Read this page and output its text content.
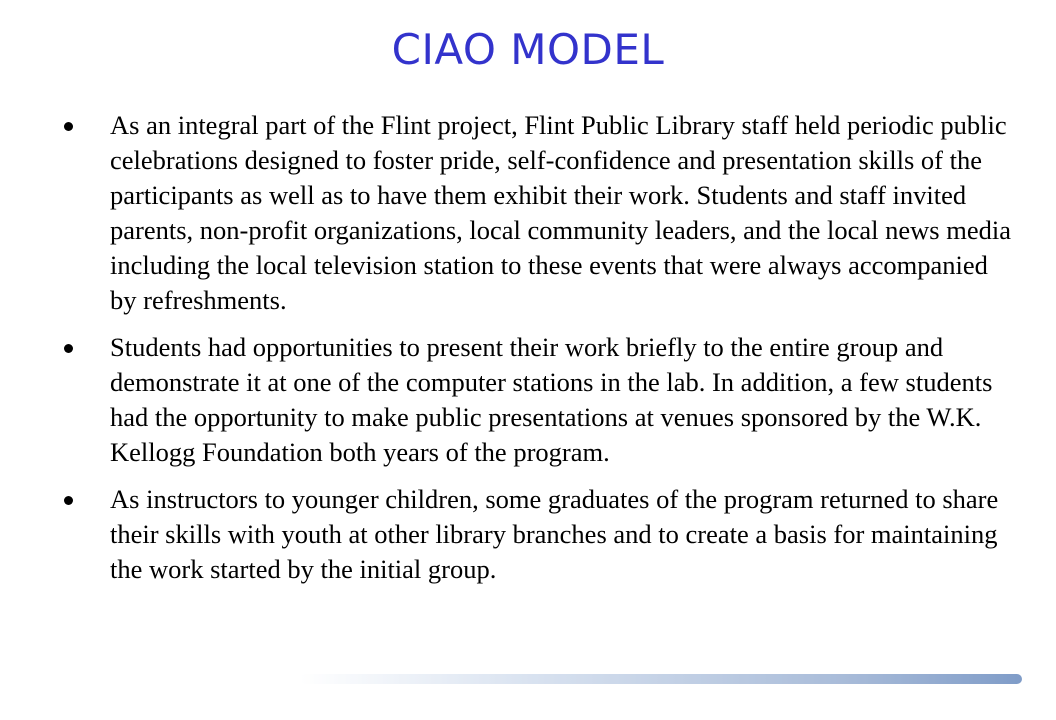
CIAO MODEL
As an integral part of the Flint project, Flint Public Library staff held periodic public celebrations designed to foster pride, self-confidence and presentation skills of the participants as well as to have them exhibit their work. Students and staff invited parents, non-profit organizations, local community leaders, and the local news media including the local television station to these events that were always accompanied by refreshments.
Students had opportunities to present their work briefly to the entire group and demonstrate it at one of the computer stations in the lab. In addition, a few students had the opportunity to make public presentations at venues sponsored by the W.K. Kellogg Foundation both years of the program.
As instructors to younger children, some graduates of the program returned to share their skills with youth at other library branches and to create a basis for maintaining the work started by the initial group.
